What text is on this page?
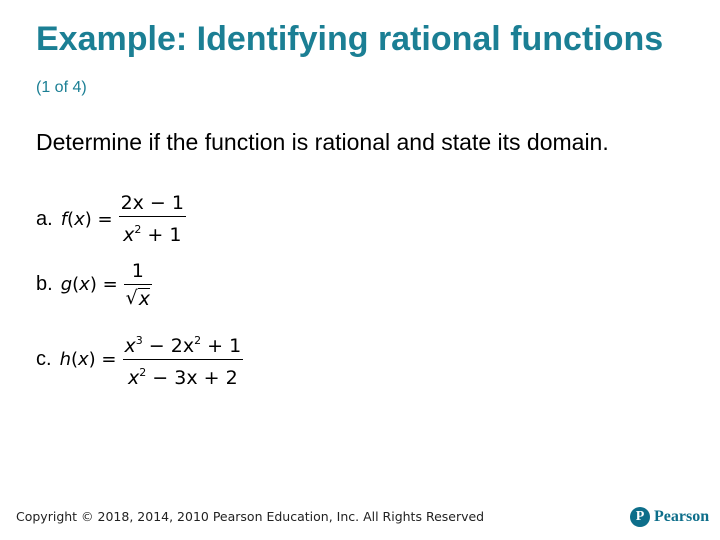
Example: Identifying rational functions (1 of 4)
Determine if the function is rational and state its domain.
a. f ( x ) = $\frac{2x - 1}{x^2 + 1}$
b. g ( x ) = $\frac{1}{√ x}$
c. h ( x ) = $\frac{x^3 - 2x^2 + 1}{x^2 - 3x + 2}$
Copyright © 2018, 2014, 2010 Pearson Education, Inc. All Rights Reserved	P Pearson
